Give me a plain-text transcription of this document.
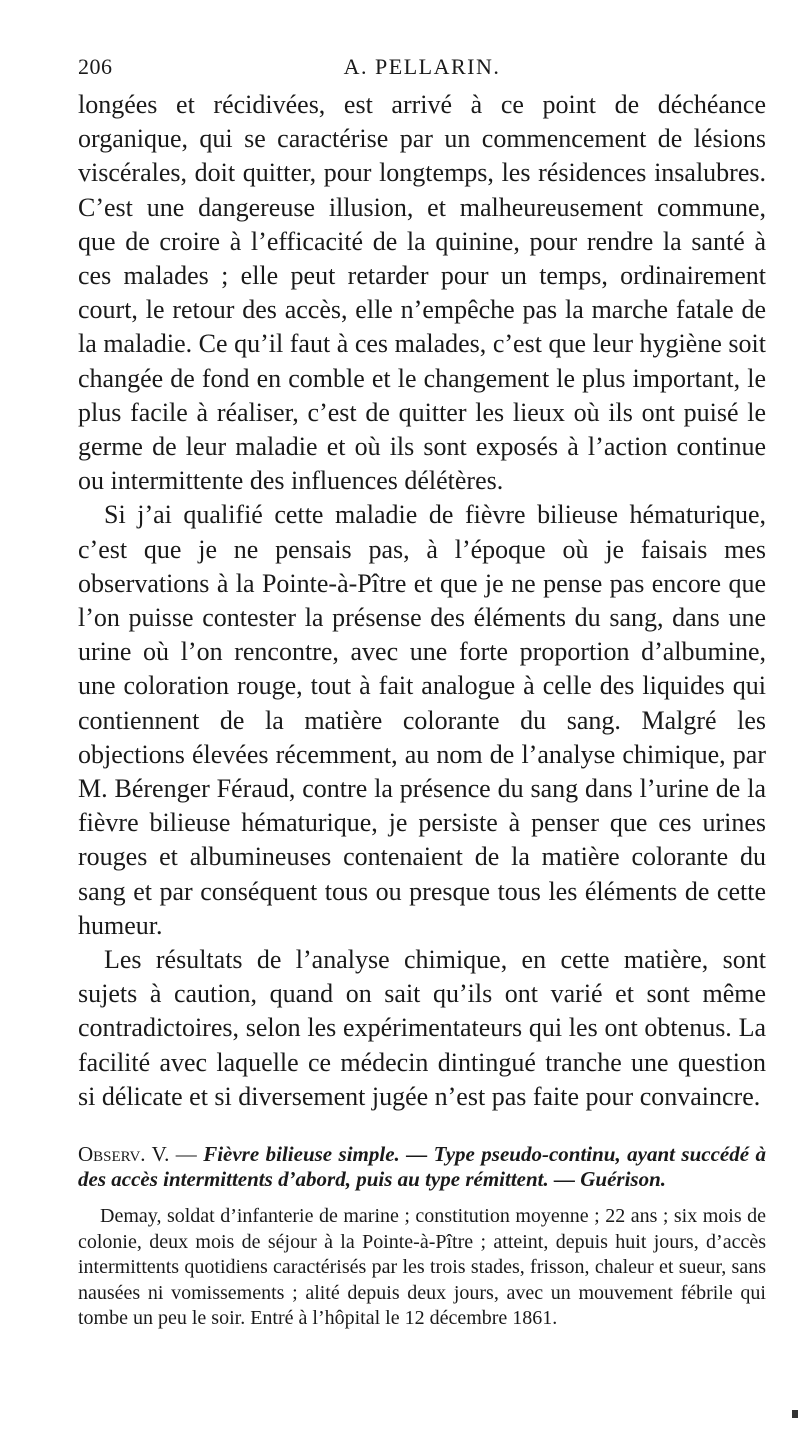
206	A. PELLARIN.

longées et récidivées, est arrivé à ce point de déchéance organique, qui se caractérise par un commencement de lésions viscérales, doit quitter, pour longtemps, les résidences insalubres. C’est une dangereuse illusion, et malheureusement commune, que de croire à l’efficacité de la quinine, pour rendre la santé à ces malades ; elle peut retarder pour un temps, ordinairement court, le retour des accès, elle n’empêche pas la marche fatale de la maladie. Ce qu’il faut à ces malades, c’est que leur hygiène soit changée de fond en comble et le changement le plus important, le plus facile à réaliser, c’est de quitter les lieux où ils ont puisé le germe de leur maladie et où ils sont exposés à l’action continue ou intermittente des influences délétères.

Si j’ai qualifié cette maladie de fièvre bilieuse hématurique, c’est que je ne pensais pas, à l’époque où je faisais mes observations à la Pointe-à-Pître et que je ne pense pas encore que l’on puisse contester la présense des éléments du sang, dans une urine où l’on rencontre, avec une forte proportion d’albumine, une coloration rouge, tout à fait analogue à celle des liquides qui contiennent de la matière colorante du sang. Malgré les objections élevées récemment, au nom de l’analyse chimique, par M. Bérenger Féraud, contre la présence du sang dans l’urine de la fièvre bilieuse hématurique, je persiste à penser que ces urines rouges et albumineuses contenaient de la matière colorante du sang et par conséquent tous ou presque tous les éléments de cette humeur.

Les résultats de l’analyse chimique, en cette matière, sont sujets à caution, quand on sait qu’ils ont varié et sont même contradictoires, selon les expérimentateurs qui les ont obtenus. La facilité avec laquelle ce médecin dintingué tranche une question si délicate et si diversement jugée n’est pas faite pour convaincre.

Observ. V. — Fièvre bilieuse simple. — Type pseudo-continu, ayant succédé à des accès intermittents d’abord, puis au type rémittent. — Guérison.

Demay, soldat d’infanterie de marine ; constitution moyenne ; 22 ans ; six mois de colonie, deux mois de séjour à la Pointe-à-Pître ; atteint, depuis huit jours, d’accès intermittents quotidiens caractérisés par les trois stades, frisson, chaleur et sueur, sans nausées ni vomissements ; alité depuis deux jours, avec un mouvement fébrile qui tombe un peu le soir. Entré à l’hôpital le 12 décembre 1861.
